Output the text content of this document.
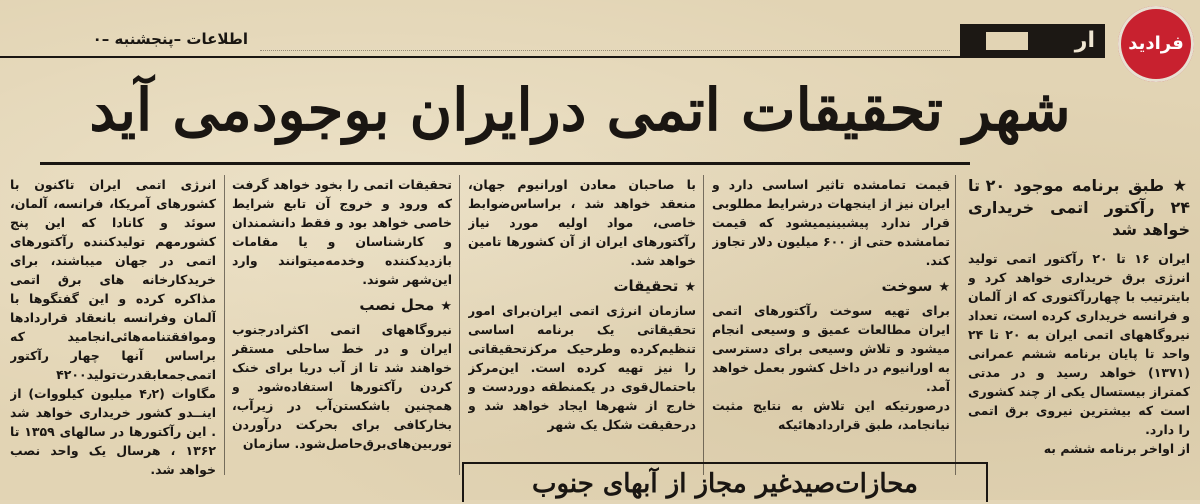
اطلاعات –پنجشنبه –۰	ار	فرادید
شهر تحقیقات اتمی درایران بوجودمی آید

★ طبق برنامه موجود ۲۰ تا ۲۴ رآکتور اتمی خریداری خواهد شد

ایران ۱۶ تا ۲۰ رآکتور اتمی تولید انرژی برق خریداری خواهد کرد و بایترتیب با چهاررآکتوری که از آلمان و فرانسه خریداری کرده است، تعداد نیروگاههای اتمی ایران به ۲۰ تا ۲۴ واحد تا پایان برنامه ششم عمرانی (۱۳۷۱) خواهد رسید و در مدتی کمتراز بیستسال یکی از چند کشوری است که بیشترین نیروی برق اتمی را دارد.

از اواخر برنامه ششم به

قیمت تمامشده تاثیر اساسی دارد و ایران نیز از اینجهات درشرایط مطلوبی قرار ندارد پیشبینیمیشود که قیمت تمامشده حتی از ۶۰۰ میلیون دلار تجاوز کند.

★سوخت

برای تهیه سوخت رآکتورهای اتمی ایران مطالعات عمیق و وسیعی انجام میشود و تلاش وسیعی برای دسترسی به اورانیوم در داخل کشور بعمل خواهد آمد.

درصورتیکه این تلاش به نتایج مثبت نیانجامد، طبق قراردادهائیکه

با صاحبان معادن اورانیوم جهان، منعقد خواهد شد ، براساس‌ضوابط خاصی، مواد اولیه مورد نیاز رآکتورهای ایران از آن کشورها تامین خواهد شد.

★تحقیقات

سازمان انرژی اتمی ایران‌برای امور تحقیقاتی یک برنامه اساسی تنظیم‌کرده وطرحیک مرکزتحقیقاتی را نیز تهیه کرده است. این‌مرکز باحتمال‌قوی در یکمنطقه دوردست و خارج از شهرها ایجاد خواهد شد و درحقیقت شکل یک شهر

تحقیقات اتمی را بخود خواهد گرفت که ورود و خروج آن تابع شرایط خاصی خواهد بود و فقط دانشمندان و کارشناسان و یا مقامات بازدیدکننده وخدمه‌میتوانند وارد این‌شهر شوند.

★محل نصب

نیروگاههای اتمی اکثرادرجنوب ایران و در خط ساحلی مستقر خواهند شد تا از آب دریا برای خنک کردن رآکتورها استفاده‌شود و همچنین باشکستن‌آب در زیرآب، بخارکافی برای بحرکت درآوردن توربین‌های‌برق‌حاصل‌شود. سازمان

انرژی اتمی ایران تاکنون با کشورهای آمریکا، فرانسه، آلمان، سوئد و کانادا که این پنج کشورمهم تولیدکننده رآکتورهای اتمی در جهان میباشند، برای خریدکارخانه های برق اتمی مذاکره کرده و این گفتگوها با آلمان وفرانسه بانعقاد قراردادها وموافقتنامه‌هائی‌انجامید که براساس آنها چهار رآکتور اتمی‌جمعا‌بقدرت‌تولید۴۲۰۰ مگاوات (۴٫۲ میلیون کیلووات) از اینــدو کشور خریداری خواهد شد . این رآکتورها در سالهای ۱۳۵۹ تا ۱۳۶۲ ، هرسال یک واحد نصب خواهد شد.	محازات‌صیدغیر مجاز از آبهای جنوب
